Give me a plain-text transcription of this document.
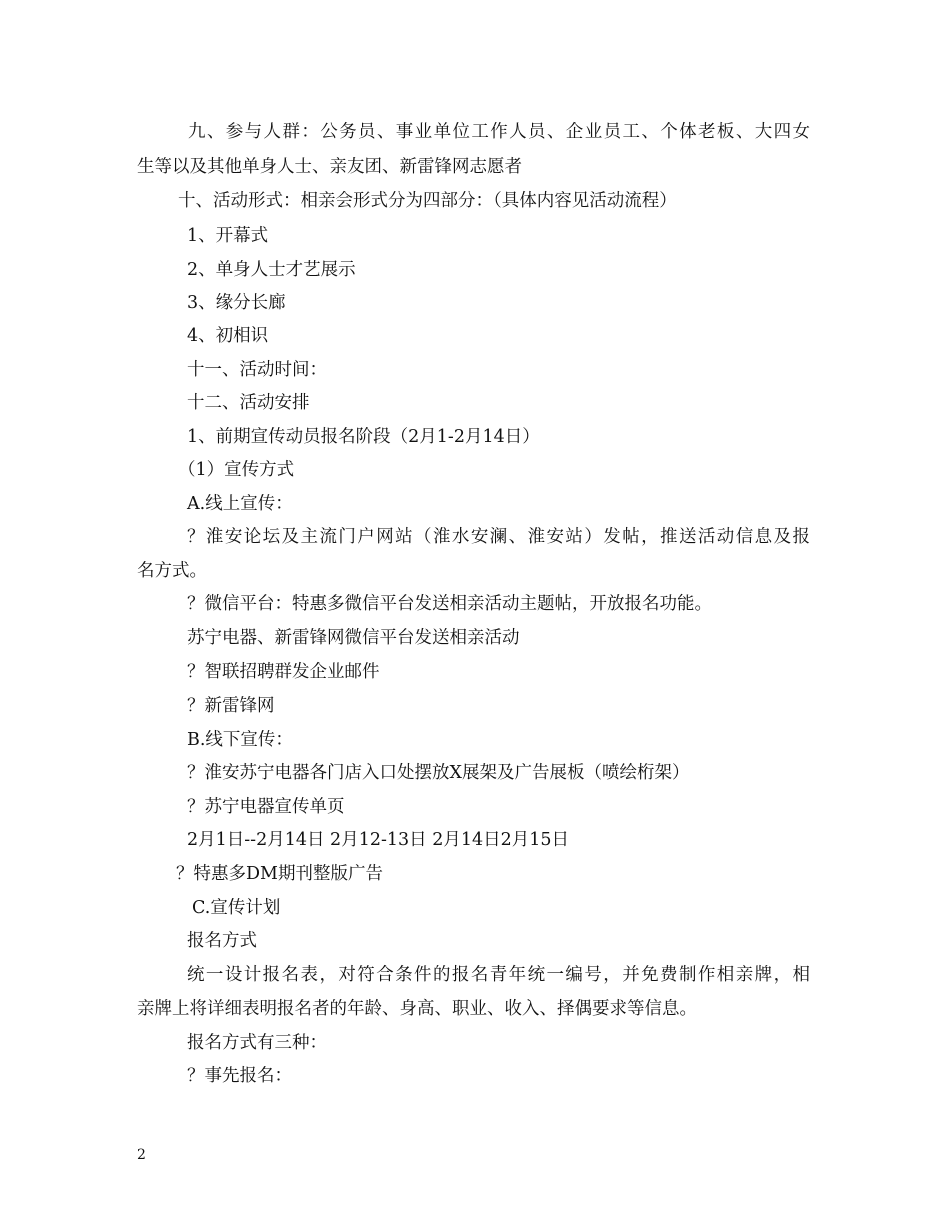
九、参与人群：公务员、事业单位工作人员、企业员工、个体老板、大四女
生等以及其他单身人士、亲友团、新雷锋网志愿者
十、活动形式：相亲会形式分为四部分：（具体内容见活动流程）
1、开幕式
2、单身人士才艺展示
3、缘分长廊
4、初相识
十一、活动时间：
十二、活动安排
1、前期宣传动员报名阶段（2月1-2月14日）
（1）宣传方式
A.线上宣传：
？淮安论坛及主流门户网站（淮水安澜、淮安站）发帖，推送活动信息及报
名方式。
？微信平台：特惠多微信平台发送相亲活动主题帖，开放报名功能。
苏宁电器、新雷锋网微信平台发送相亲活动
？智联招聘群发企业邮件
？新雷锋网
B.线下宣传：
？淮安苏宁电器各门店入口处摆放X展架及广告展板（喷绘桁架）
？苏宁电器宣传单页
2月1日--2月14日 2月12-13日 2月14日2月15日
？特惠多DM期刊整版广告
C.宣传计划
报名方式
统一设计报名表，对符合条件的报名青年统一编号，并免费制作相亲牌，相
亲牌上将详细表明报名者的年龄、身高、职业、收入、择偶要求等信息。
报名方式有三种：
？事先报名：
2
